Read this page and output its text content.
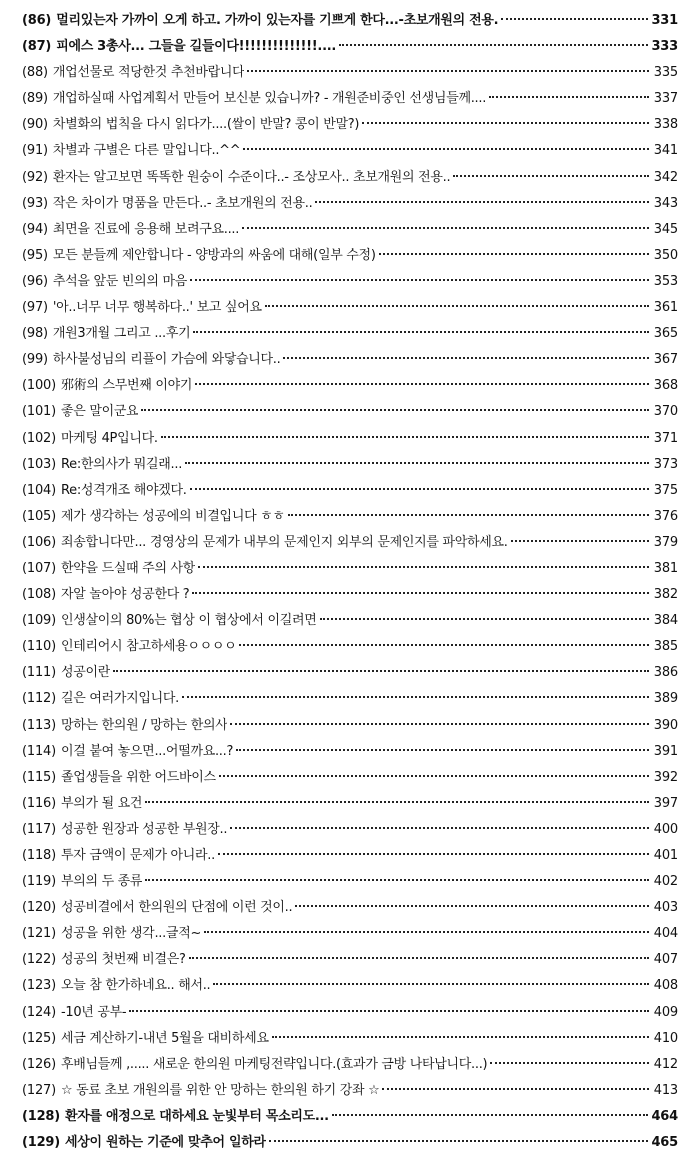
(86) 멀리있는자 가까이 오게 하고. 가까이 있는자를 기쁘게 한다...-초보개원의 전용.	331
(87) 피에스 3총사... 그들을 길들이다!!!!!!!!!!!!!!....	333
(88) 개업선물로 적당한것 추천바랍니다	335
(89) 개업하실때 사업계획서 만들어 보신분 있습니까? - 개원준비중인 선생님들께....	337
(90) 차별화의 법칙을 다시 읽다가....(쌀이 반말? 콩이 반말?)	338
(91) 차별과 구별은 다른 말입니다..^^	341
(92) 환자는 알고보면 똑똑한 원숭이 수준이다..- 조상모사.. 초보개원의 전용..	342
(93) 작은 차이가 명품을 만든다..- 초보개원의 전용..	343
(94) 최면을 진료에 응용해 보려구요....	345
(95) 모든 분들께 제안합니다 - 양방과의 싸움에 대해(일부 수정)	350
(96) 추석을 앞둔 빈의의 마음	353
(97) '아..너무 너무 행복하다..' 보고 싶어요	361
(98) 개원3개월 그리고 ...후기	365
(99) 하사불성님의 리플이 가슴에 와닿습니다..	367
(100) 邪術의 스무번째 이야기	368
(101) 좋은 말이군요	370
(102) 마케팅 4P입니다.	371
(103) Re:한의사가 뭐길래...	373
(104) Re:성격개조 해야겠다.	375
(105) 제가 생각하는 성공에의 비결입니다 ㅎㅎ	376
(106) 죄송합니다만... 경영상의 문제가 내부의 문제인지 외부의 문제인지를 파악하세요.	379
(107) 한약을 드실때 주의 사항	381
(108) 자알 놀아야 성공한다 ?	382
(109) 인생살이의 80%는 협상 이 협상에서 이길려면	384
(110) 인테리어시 참고하세용ㅇㅇㅇㅇ	385
(111) 성공이란	386
(112) 길은 여러가지입니다.	389
(113) 망하는 한의원 / 망하는 한의사	390
(114) 이걸 붙여 놓으면...어떨까요...?	391
(115) 졸업생들을 위한 어드바이스	392
(116) 부의가 될 요건	397
(117) 성공한 원장과 성공한 부원장..	400
(118) 투자 금액이 문제가 아니라..	401
(119) 부의의 두 종류	402
(120) 성공비결에서 한의원의 단점에 이런 것이..	403
(121) 성공을 위한 생각...글적~	404
(122) 성공의 첫번째 비결은?	407
(123) 오늘 참 한가하네요.. 해서..	408
(124) -10년 공부-	409
(125) 세금 계산하기-내년 5월을 대비하세요	410
(126) 후배님들께 ,..... 새로운 한의원 마케팅전략입니다.(효과가 금방 나타납니다...)	412
(127) ☆ 동료 초보 개원의를 위한 안 망하는 한의원 하기 강좌 ☆	413
(128) 환자를 애정으로 대하세요 눈빛부터 목소리도...	464
(129) 세상이 원하는 기준에 맞추어 일하라	465
